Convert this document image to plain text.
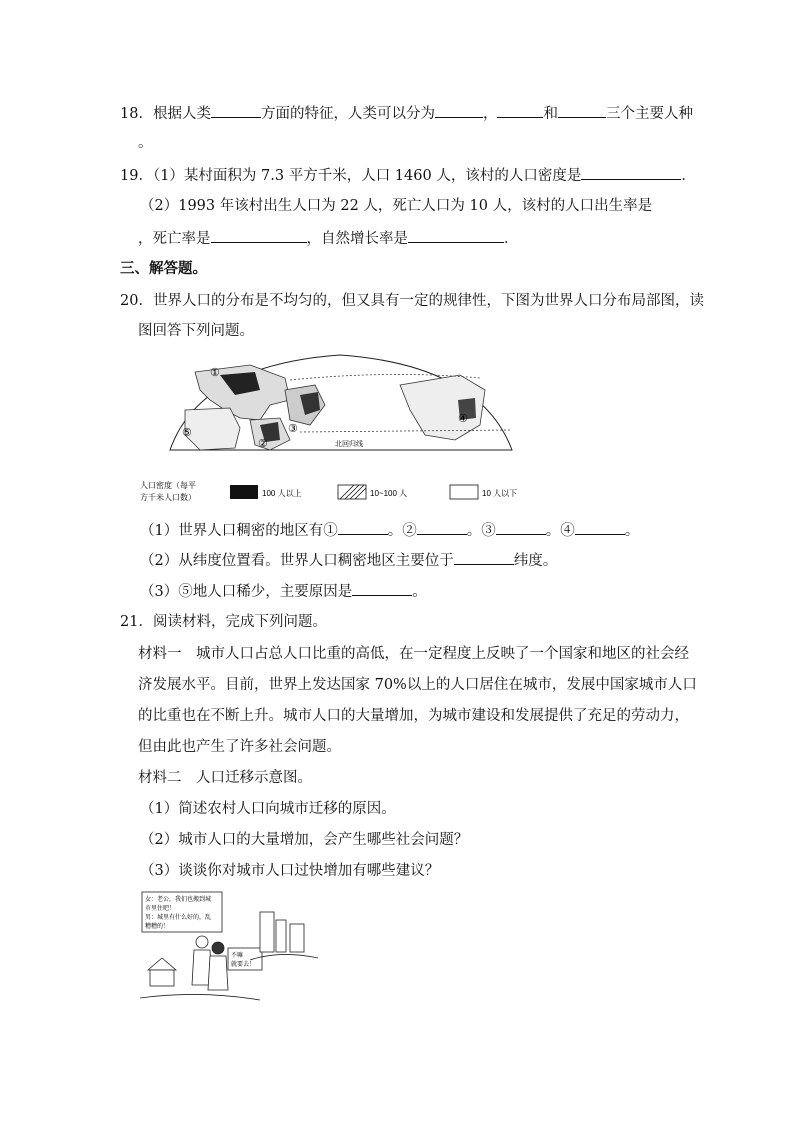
18．根据人类	方面的特征，人类可以分为	，	和	三个主要人种
。
19．（1）某村面积为 7.3 平方千米，人口 1460 人，该村的人口密度是	．
（2）1993 年该村出生人口为 22 人，死亡人口为 10 人，该村的人口出生率是
，死亡率是	，自然增长率是	．
三、解答题。
20．世界人口的分布是不均匀的，但又具有一定的规律性，下图为世界人口分布局部图，读
图回答下列问题。
北回归线
①
②
③
④
⑤
人口密度（每平
方千米人口数）	100 人以上	10~100 人	10 人以下
（1）世界人口稠密的地区有①	。②	。③	。④	。
（2）从纬度位置看。世界人口稠密地区主要位于	纬度。
（3）⑤地人口稀少，主要原因是	。
21．阅读材料，完成下列问题。
材料一　城市人口占总人口比重的高低，在一定程度上反映了一个国家和地区的社会经
济发展水平。目前，世界上发达国家 70%以上的人口居住在城市，发展中国家城市人口
的比重也在不断上升。城市人口的大量增加，为城市建设和发展提供了充足的劳动力，
但由此也产生了许多社会问题。
材料二　人口迁移示意图。
（1）简述农村人口向城市迁移的原因。
（2）城市人口的大量增加，会产生哪些社会问题？
（3）谈谈你对城市人口过快增加有哪些建议？
女：老公，我们也搬到城
市里住吧！
男：城里有什么好的，乱
糟糟的！
不嘛
就要去！
